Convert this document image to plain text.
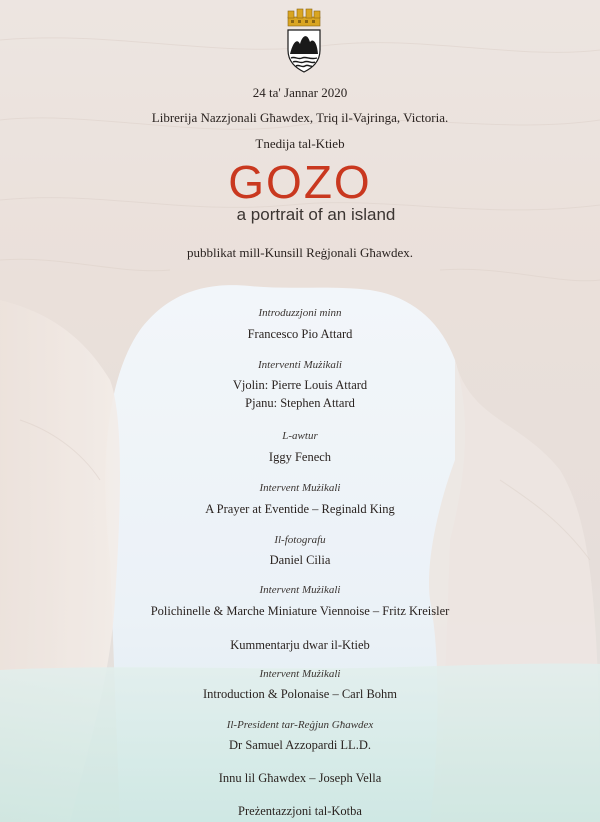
24 ta' Jannar 2020
Librerija Nazzjonali Għawdex, Triq il-Vajringa, Victoria.
Tnedija tal-Ktieb
GOZO
a portrait of an island
pubblikat mill-Kunsill Reġjonali Għawdex.
Introduzzjoni minn
Francesco Pio Attard
Interventi Mużikali
Vjolin: Pierre Louis Attard
Pjanu: Stephen Attard
L-awtur
Iggy Fenech
Intervent Mużikali
A Prayer at Eventide – Reginald King
Il-fotografu
Daniel Cilia
Intervent Mużikali
Polichinelle & Marche Miniature Viennoise – Fritz Kreisler
Kummentarju dwar il-Ktieb
Intervent Mużikali
Introduction & Polonaise – Carl Bohm
Il-President tar-Reġjun Għawdex
Dr Samuel Azzopardi LL.D.
Innu lil Għawdex – Joseph Vella
Preżentazzjoni tal-Kotba
